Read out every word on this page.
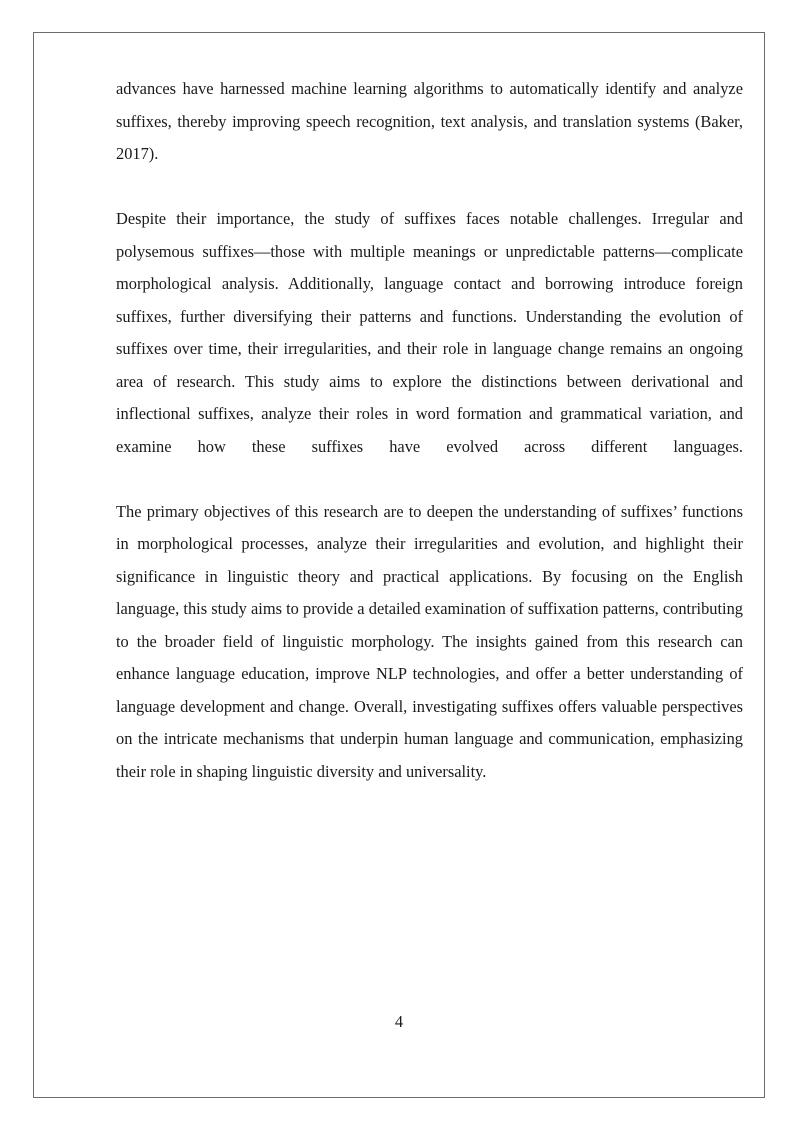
advances have harnessed machine learning algorithms to automatically identify and analyze suffixes, thereby improving speech recognition, text analysis, and translation systems (Baker, 2017).

Despite their importance, the study of suffixes faces notable challenges. Irregular and polysemous suffixes—those with multiple meanings or unpredictable patterns—complicate morphological analysis. Additionally, language contact and borrowing introduce foreign suffixes, further diversifying their patterns and functions. Understanding the evolution of suffixes over time, their irregularities, and their role in language change remains an ongoing area of research. This study aims to explore the distinctions between derivational and inflectional suffixes, analyze their roles in word formation and grammatical variation, and examine how these suffixes have evolved across different languages.

The primary objectives of this research are to deepen the understanding of suffixes’ functions in morphological processes, analyze their irregularities and evolution, and highlight their significance in linguistic theory and practical applications. By focusing on the English language, this study aims to provide a detailed examination of suffixation patterns, contributing to the broader field of linguistic morphology. The insights gained from this research can enhance language education, improve NLP technologies, and offer a better understanding of language development and change. Overall, investigating suffixes offers valuable perspectives on the intricate mechanisms that underpin human language and communication, emphasizing their role in shaping linguistic diversity and universality.

4
